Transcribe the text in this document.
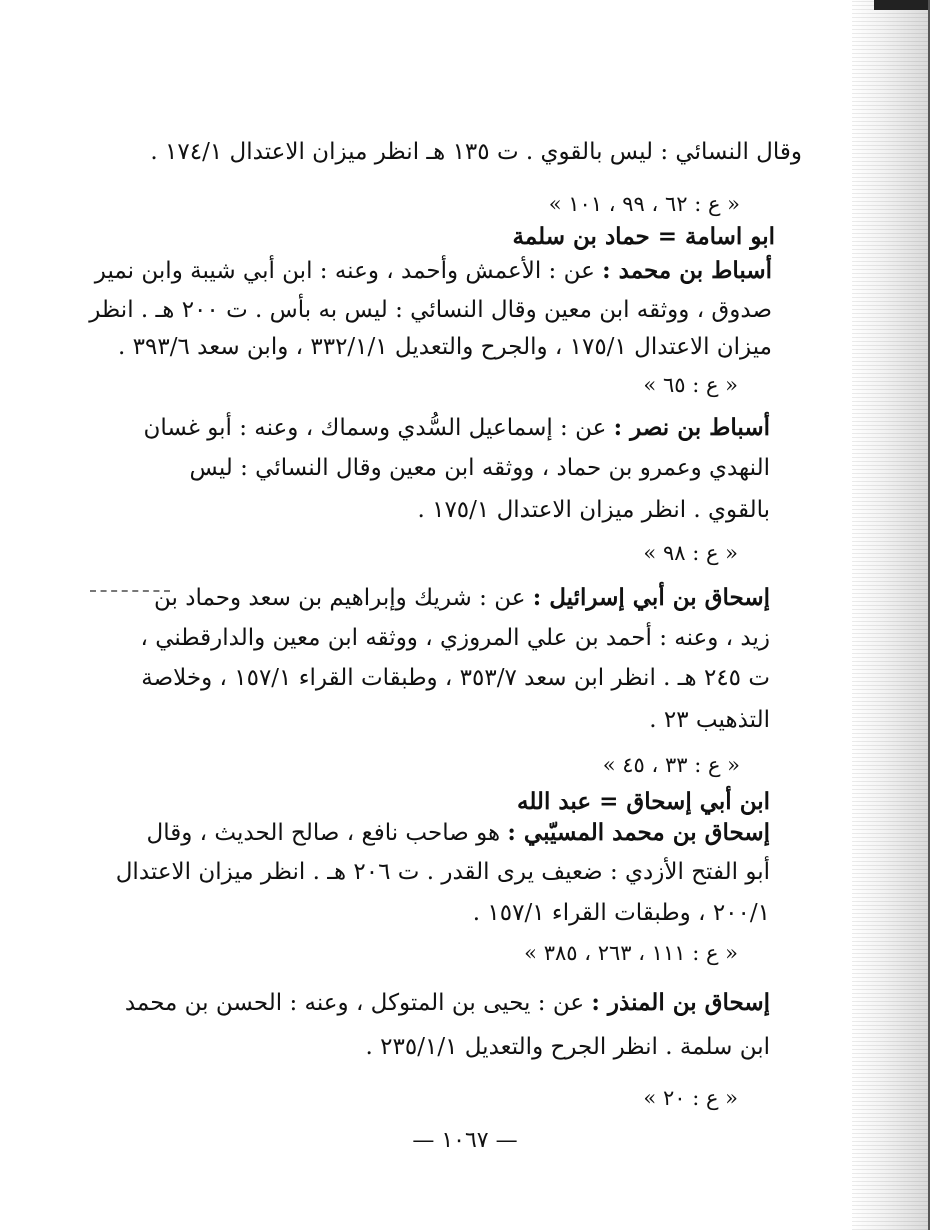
وقال النسائي : ليس بالقوي . ت ١٣٥ هـ انظر ميزان الاعتدال ١٧٤/١ .
« ع : ٦٢ ، ٩٩ ، ١٠١ »
ابو اسامة = حماد بن سلمة
أسباط بن محمد : عن : الأعمش وأحمد ، وعنه : ابن أبي شيبة وابن نمير
صدوق ، ووثقه ابن معين وقال النسائي : ليس به بأس . ت ٢٠٠ هـ . انظر
ميزان الاعتدال ١٧٥/١ ، والجرح والتعديل ٣٣٢/١/١ ، وابن سعد ٣٩٣/٦ .
« ع : ٦٥ »
أسباط بن نصر : عن : إسماعيل السُّدي وسماك ، وعنه : أبو غسان
النهدي وعمرو بن حماد ، ووثقه ابن معين وقال النسائي : ليس
بالقوي . انظر ميزان الاعتدال ١٧٥/١ .
« ع : ٩٨ »
إسحاق بن أبي إسرائيل : عن : شريك وإبراهيم بن سعد وحماد بن
زيد ، وعنه : أحمد بن علي المروزي ، ووثقه ابن معين والدارقطني ،
ت ٢٤٥ هـ . انظر ابن سعد ٣٥٣/٧ ، وطبقات القراء ١٥٧/١ ، وخلاصة
التذهيب ٢٣ .
« ع : ٣٣ ، ٤٥ »
ابن أبي إسحاق = عبد الله
إسحاق بن محمد المسيّبي : هو صاحب نافع ، صالح الحديث ، وقال
أبو الفتح الأزدي : ضعيف يرى القدر . ت ٢٠٦ هـ . انظر ميزان الاعتدال
٢٠٠/١ ، وطبقات القراء ١٥٧/١ .
« ع : ١١١ ، ٢٦٣ ، ٣٨٥ »
إسحاق بن المنذر : عن : يحيى بن المتوكل ، وعنه : الحسن بن محمد
ابن سلمة . انظر الجرح والتعديل ٢٣٥/١/١ .
« ع : ٢٠ »
— ١٠٦٧ —
